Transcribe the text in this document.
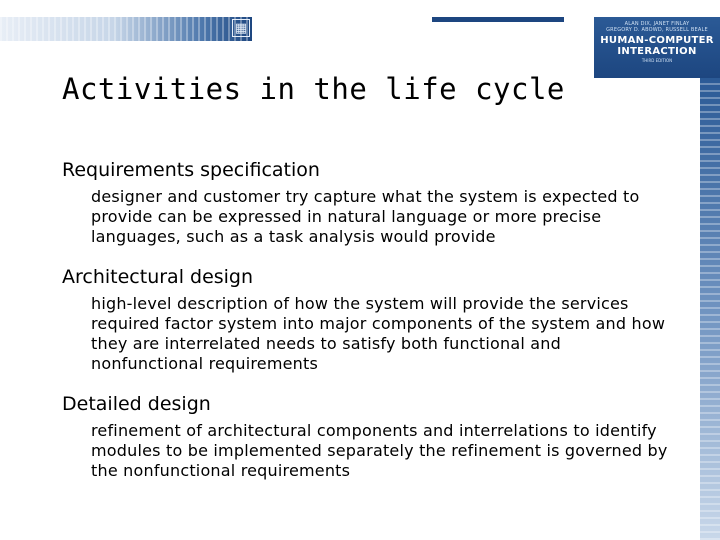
▦	ALAN DIX, JANET FINLAY
GREGORY D. ABOWD, RUSSELL BEALE
HUMAN-COMPUTER INTERACTION
THIRD EDITION
Activities in the life cycle

Requirements specification

designer and customer try capture what the system is expected to provide can be expressed in natural language or more precise languages, such as a task analysis would provide

Architectural design

high-level description of how the system will provide the services required factor system into major components of the system and how they are interrelated needs to satisfy both functional and nonfunctional requirements

Detailed design

refinement of architectural components and interrelations to identify modules to be implemented separately the refinement is governed by the nonfunctional requirements
